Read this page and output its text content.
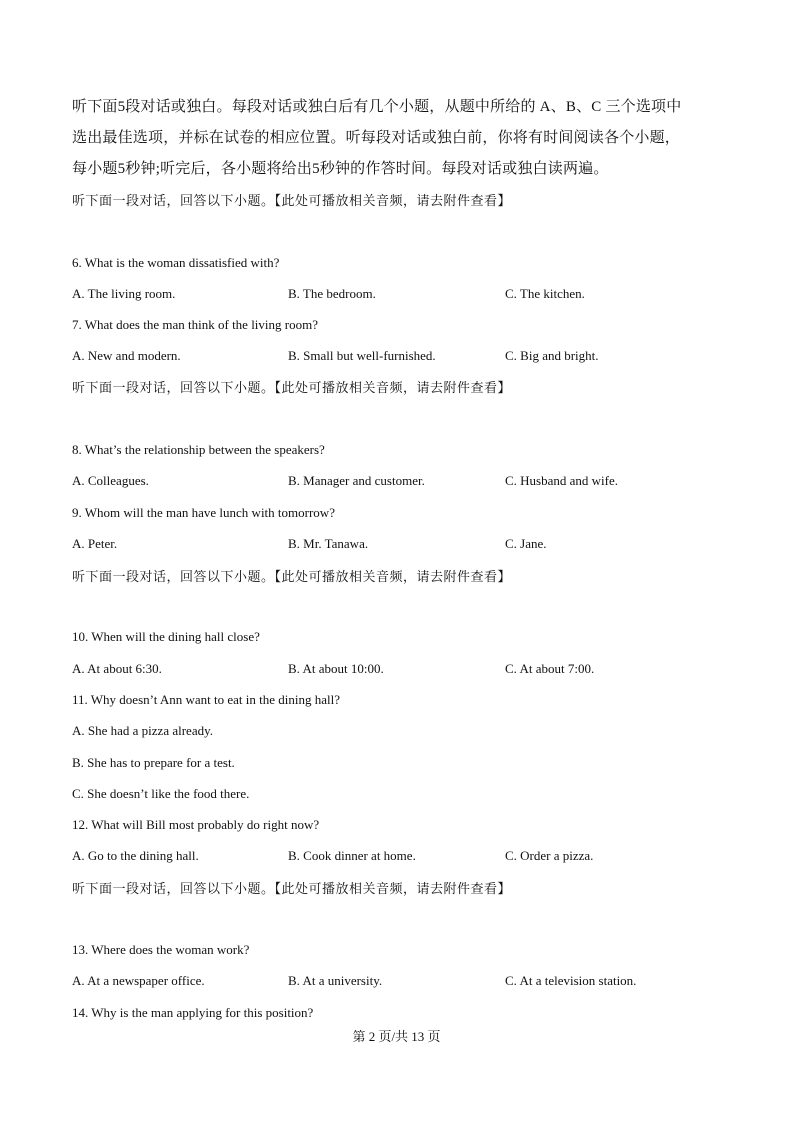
听下面5段对话或独白。每段对话或独白后有几个小题，从题中所给的 A、B、C 三个选项中

选出最佳选项，并标在试卷的相应位置。听每段对话或独白前，你将有时间阅读各个小题，

每小题5秒钟;听完后，各小题将给出5秒钟的作答时间。每段对话或独白读两遍。

听下面一段对话，回答以下小题。【此处可播放相关音频，请去附件查看】
6. What is the woman dissatisfied with?
A. The living room.	B. The bedroom.	C. The kitchen.
7. What does the man think of the living room?
A. New and modern.	B. Small but well-furnished.	C. Big and bright.
听下面一段对话，回答以下小题。【此处可播放相关音频，请去附件查看】
8. What’s the relationship between the speakers?
A. Colleagues.	B. Manager and customer.	C. Husband and wife.
9. Whom will the man have lunch with tomorrow?
A. Peter.	B. Mr. Tanawa.	C. Jane.
听下面一段对话，回答以下小题。【此处可播放相关音频，请去附件查看】
10. When will the dining hall close?
A. At about 6:30.	B. At about 10:00.	C. At about 7:00.
11. Why doesn’t Ann want to eat in the dining hall?
A. She had a pizza already.
B. She has to prepare for a test.
C. She doesn’t like the food there.
12. What will Bill most probably do right now?
A. Go to the dining hall.	B. Cook dinner at home.	C. Order a pizza.
听下面一段对话，回答以下小题。【此处可播放相关音频，请去附件查看】
13. Where does the woman work?
A. At a newspaper office.	B. At a university.	C. At a television station.
14. Why is the man applying for this position?
第 2 页/共 13 页
